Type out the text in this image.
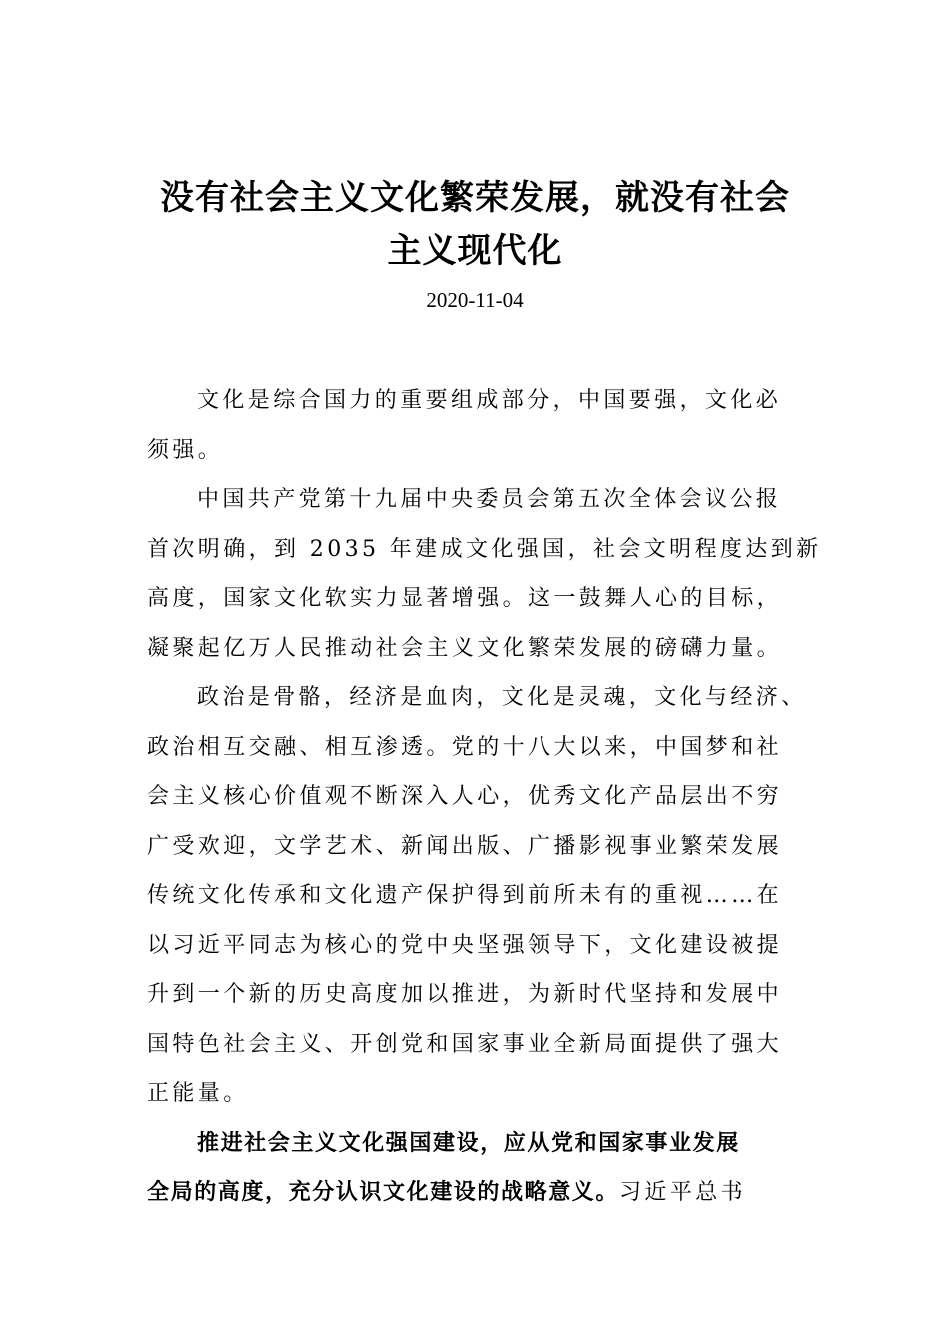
没有社会主义文化繁荣发展，就没有社会
主义现代化
2020-11-04
文化是综合国力的重要组成部分，中国要强，文化必
须强。
中国共产党第十九届中央委员会第五次全体会议公报
首次明确，到 2035 年建成文化强国，社会文明程度达到新
高度，国家文化软实力显著增强。这一鼓舞人心的目标，
凝聚起亿万人民推动社会主义文化繁荣发展的磅礴力量。
政治是骨骼，经济是血肉，文化是灵魂，文化与经济、
政治相互交融、相互渗透。党的十八大以来，中国梦和社
会主义核心价值观不断深入人心，优秀文化产品层出不穷
广受欢迎，文学艺术、新闻出版、广播影视事业繁荣发展
传统文化传承和文化遗产保护得到前所未有的重视……在
以习近平同志为核心的党中央坚强领导下，文化建设被提
升到一个新的历史高度加以推进，为新时代坚持和发展中
国特色社会主义、开创党和国家事业全新局面提供了强大
正能量。
推进社会主义文化强国建设，应从党和国家事业发展
全局的高度，充分认识文化建设的战略意义。习近平总书
